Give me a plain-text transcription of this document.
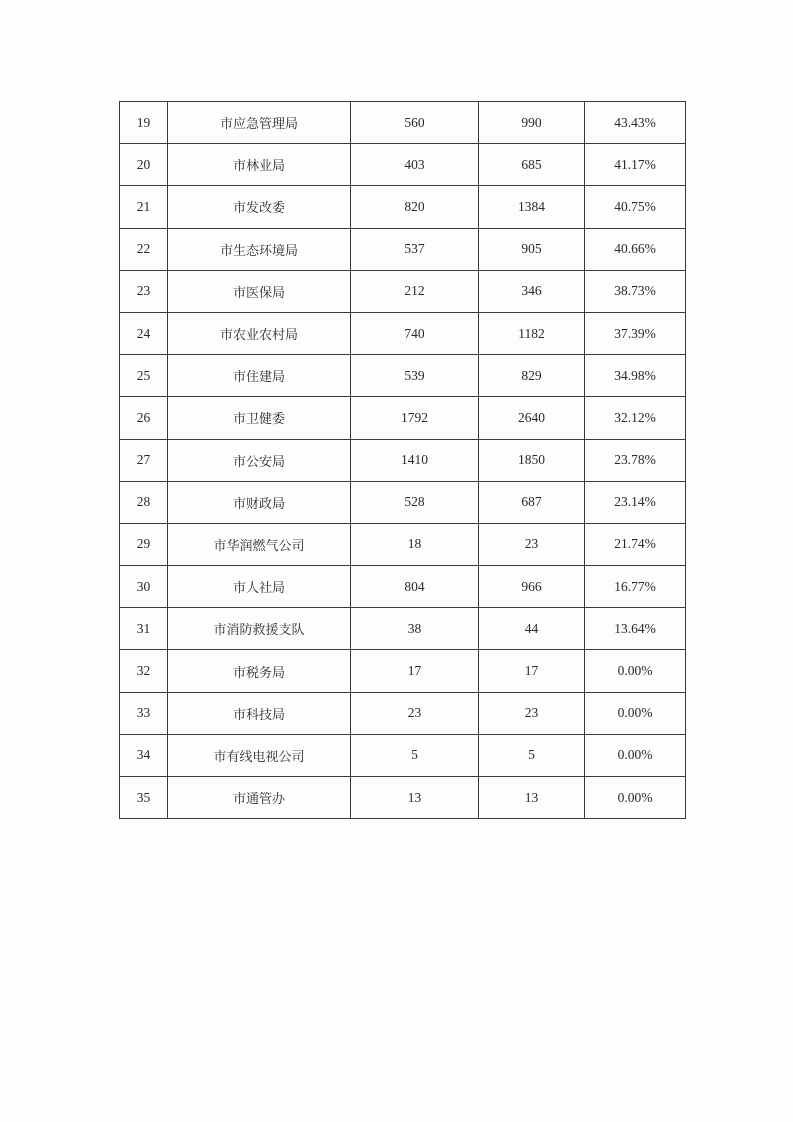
19	市应急管理局	560	990	43.43%
20	市林业局	403	685	41.17%
21	市发改委	820	1384	40.75%
22	市生态环境局	537	905	40.66%
23	市医保局	212	346	38.73%
24	市农业农村局	740	1182	37.39%
25	市住建局	539	829	34.98%
26	市卫健委	1792	2640	32.12%
27	市公安局	1410	1850	23.78%
28	市财政局	528	687	23.14%
29	市华润燃气公司	18	23	21.74%
30	市人社局	804	966	16.77%
31	市消防救援支队	38	44	13.64%
32	市税务局	17	17	0.00%
33	市科技局	23	23	0.00%
34	市有线电视公司	5	5	0.00%
35	市通管办	13	13	0.00%
